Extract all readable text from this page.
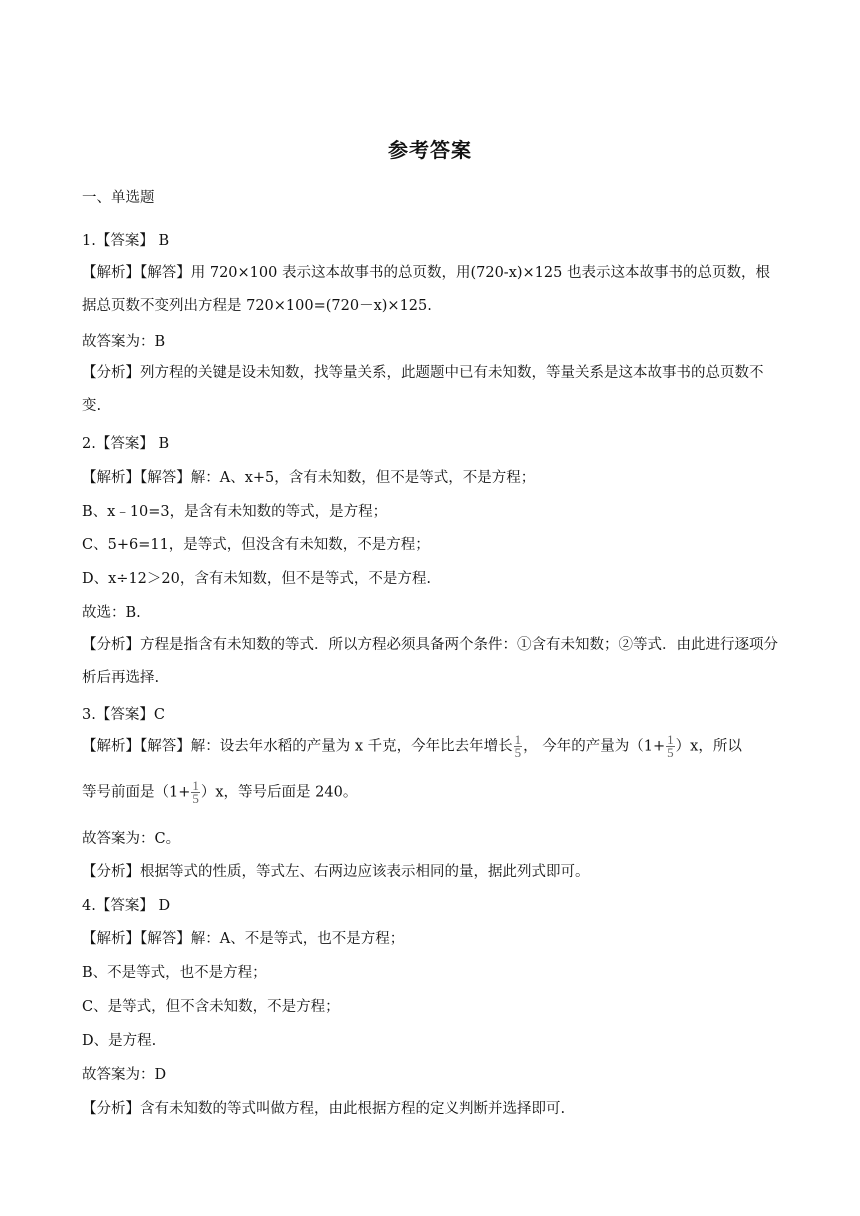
参考答案
一、单选题
1.【答案】 B
【解析】【解答】用 720×100 表示这本故事书的总页数，用(720-x)×125 也表示这本故事书的总页数，根据总页数不变列出方程是 720×100=(720－x)×125.
故答案为：B
【分析】列方程的关键是设未知数，找等量关系，此题题中已有未知数，等量关系是这本故事书的总页数不变.
2.【答案】 B
【解析】【解答】解：A、x+5，含有未知数，但不是等式，不是方程；
B、x﹣10=3，是含有未知数的等式，是方程；
C、5+6=11，是等式，但没含有未知数，不是方程；
D、x÷12＞20，含有未知数，但不是等式，不是方程.
故选：B.
【分析】方程是指含有未知数的等式．所以方程必须具备两个条件：①含有未知数；②等式．由此进行逐项分析后再选择.
3.【答案】C
【解析】【解答】解：设去年水稻的产量为 x 千克，今年比去年增长 $\frac{1}{5}$ ， 今年的产量为$(1+ \frac{1}{5} )x$，所以
等号前面是$(1+ \frac{1}{5} )x$，等号后面是 240。
故答案为：C。
【分析】根据等式的性质，等式左、右两边应该表示相同的量，据此列式即可。
4.【答案】 D
【解析】【解答】解：A、不是等式，也不是方程；
B、不是等式，也不是方程；
C、是等式，但不含未知数，不是方程；
D、是方程.
故答案为：D
【分析】含有未知数的等式叫做方程，由此根据方程的定义判断并选择即可.
